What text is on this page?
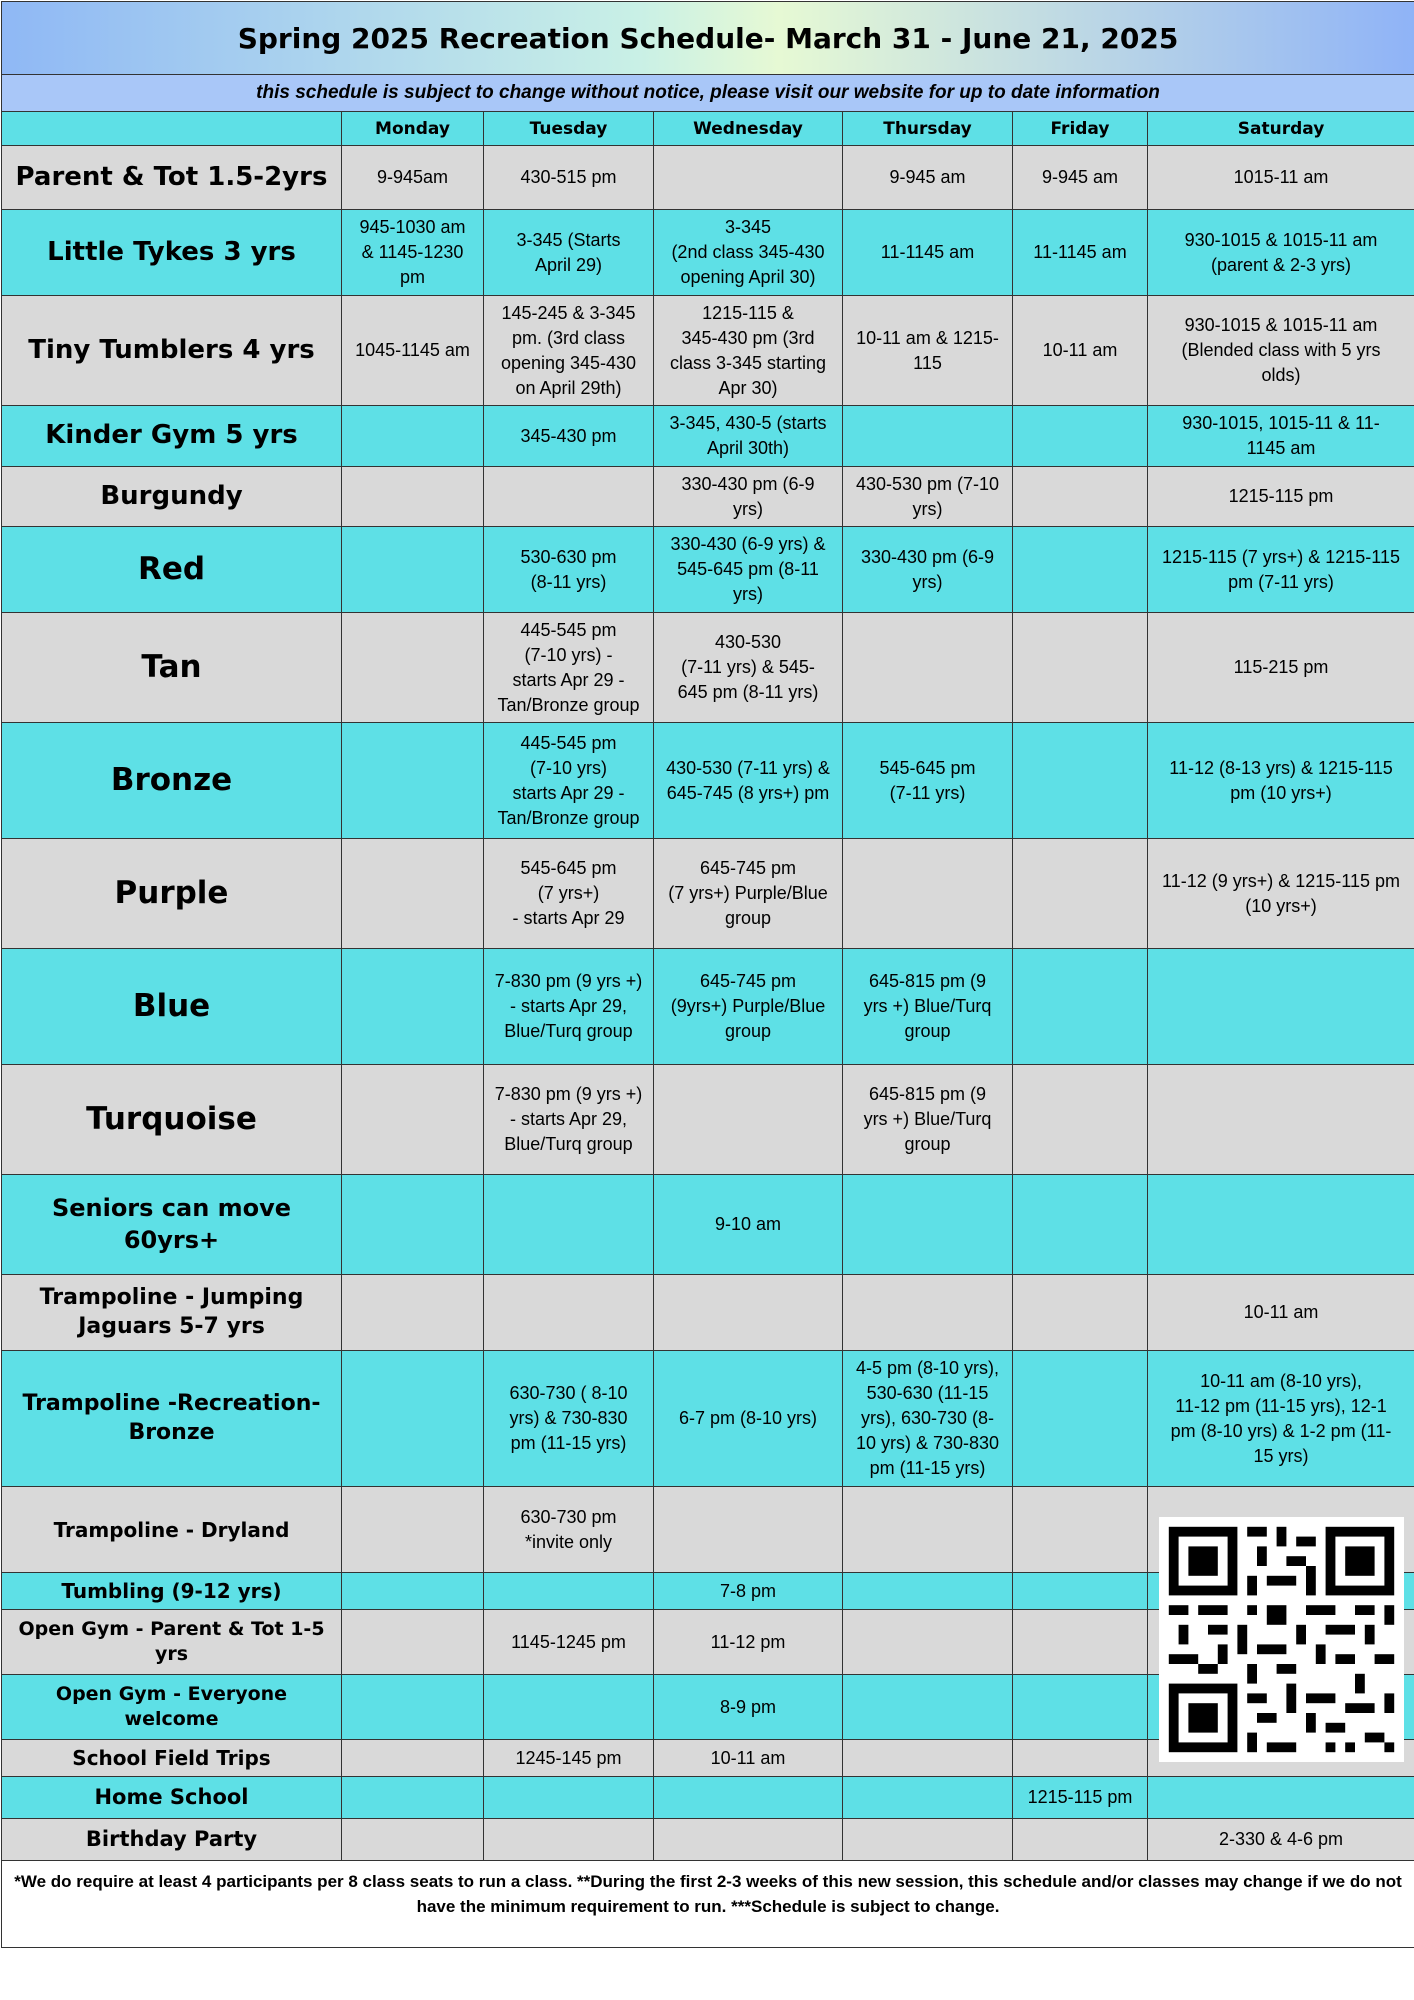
Spring 2025 Recreation Schedule- March 31 - June 21, 2025						
this schedule is subject to change without notice, please visit our website for up to date information						
	Monday	Tuesday	Wednesday	Thursday	Friday	Saturday
Parent & Tot 1.5-2yrs	9-945am	430-515 pm		9-945 am	9-945 am	1015-11 am
Little Tykes 3 yrs	945-1030 am
& 1145-1230
pm	3-345 (Starts
April 29)	3-345
(2nd class 345-430
opening April 30)	11-1145 am	11-1145 am	930-1015 & 1015-11 am
(parent & 2-3 yrs)
Tiny Tumblers 4 yrs	1045-1145 am	145-245 & 3-345
pm. (3rd class
opening 345-430
on April 29th)	1215-115 &
345-430 pm (3rd
class 3-345 starting
Apr 30)	10-11 am & 1215-
115	10-11 am	930-1015 & 1015-11 am
(Blended class with 5 yrs
olds)
Kinder Gym 5 yrs		345-430 pm	3-345, 430-5 (starts
April 30th)			930-1015, 1015-11 & 11-
1145 am
Burgundy			330-430 pm (6-9
yrs)	430-530 pm (7-10
yrs)		1215-115 pm
Red		530-630 pm
(8-11 yrs)	330-430 (6-9 yrs) &
545-645 pm (8-11
yrs)	330-430 pm (6-9
yrs)		1215-115 (7 yrs+) & 1215-115
pm (7-11 yrs)
Tan		445-545 pm
(7-10 yrs) -
starts Apr 29 -
Tan/Bronze group	430-530
(7-11 yrs) & 545-
645 pm (8-11 yrs)			115-215 pm
Bronze		445-545 pm
(7-10 yrs)
starts Apr 29 -
Tan/Bronze group	430-530 (7-11 yrs) &
645-745 (8 yrs+) pm	545-645 pm
(7-11 yrs)		11-12 (8-13 yrs) & 1215-115
pm (10 yrs+)
Purple		545-645 pm
(7 yrs+)
- starts Apr 29	645-745 pm
(7 yrs+) Purple/Blue
group			11-12 (9 yrs+) & 1215-115 pm
(10 yrs+)
Blue		7-830 pm (9 yrs +)
- starts Apr 29,
Blue/Turq group	645-745 pm
(9yrs+) Purple/Blue
group	645-815 pm (9
yrs +) Blue/Turq
group		
Turquoise		7-830 pm (9 yrs +)
- starts Apr 29,
Blue/Turq group		645-815 pm (9
yrs +) Blue/Turq
group		
Seniors can move 60yrs+			9-10 am			
Trampoline - Jumping
Jaguars 5-7 yrs						10-11 am
Trampoline -Recreation-
Bronze		630-730 ( 8-10
yrs) & 730-830
pm (11-15 yrs)	6-7 pm (8-10 yrs)	4-5 pm (8-10 yrs),
530-630 (11-15
yrs), 630-730 (8-
10 yrs) & 730-830
pm (11-15 yrs)		10-11 am (8-10 yrs),
11-12 pm (11-15 yrs), 12-1
pm (8-10 yrs) & 1-2 pm (11-
15 yrs)
Trampoline - Dryland		630-730 pm
*invite only				
Tumbling (9-12 yrs)			7-8 pm			
Open Gym - Parent & Tot 1-5 yrs		1145-1245 pm	11-12 pm			
Open Gym - Everyone welcome			8-9 pm			
School Field Trips		1245-145 pm	10-11 am			
Home School					1215-115 pm	
Birthday Party						2-330 & 4-6 pm
*We do require at least 4 participants per 8 class seats to run a class. **During the first 2-3 weeks of this new session, this schedule and/or classes may change if we do not have the minimum requirement to run. ***Schedule is subject to change.						
